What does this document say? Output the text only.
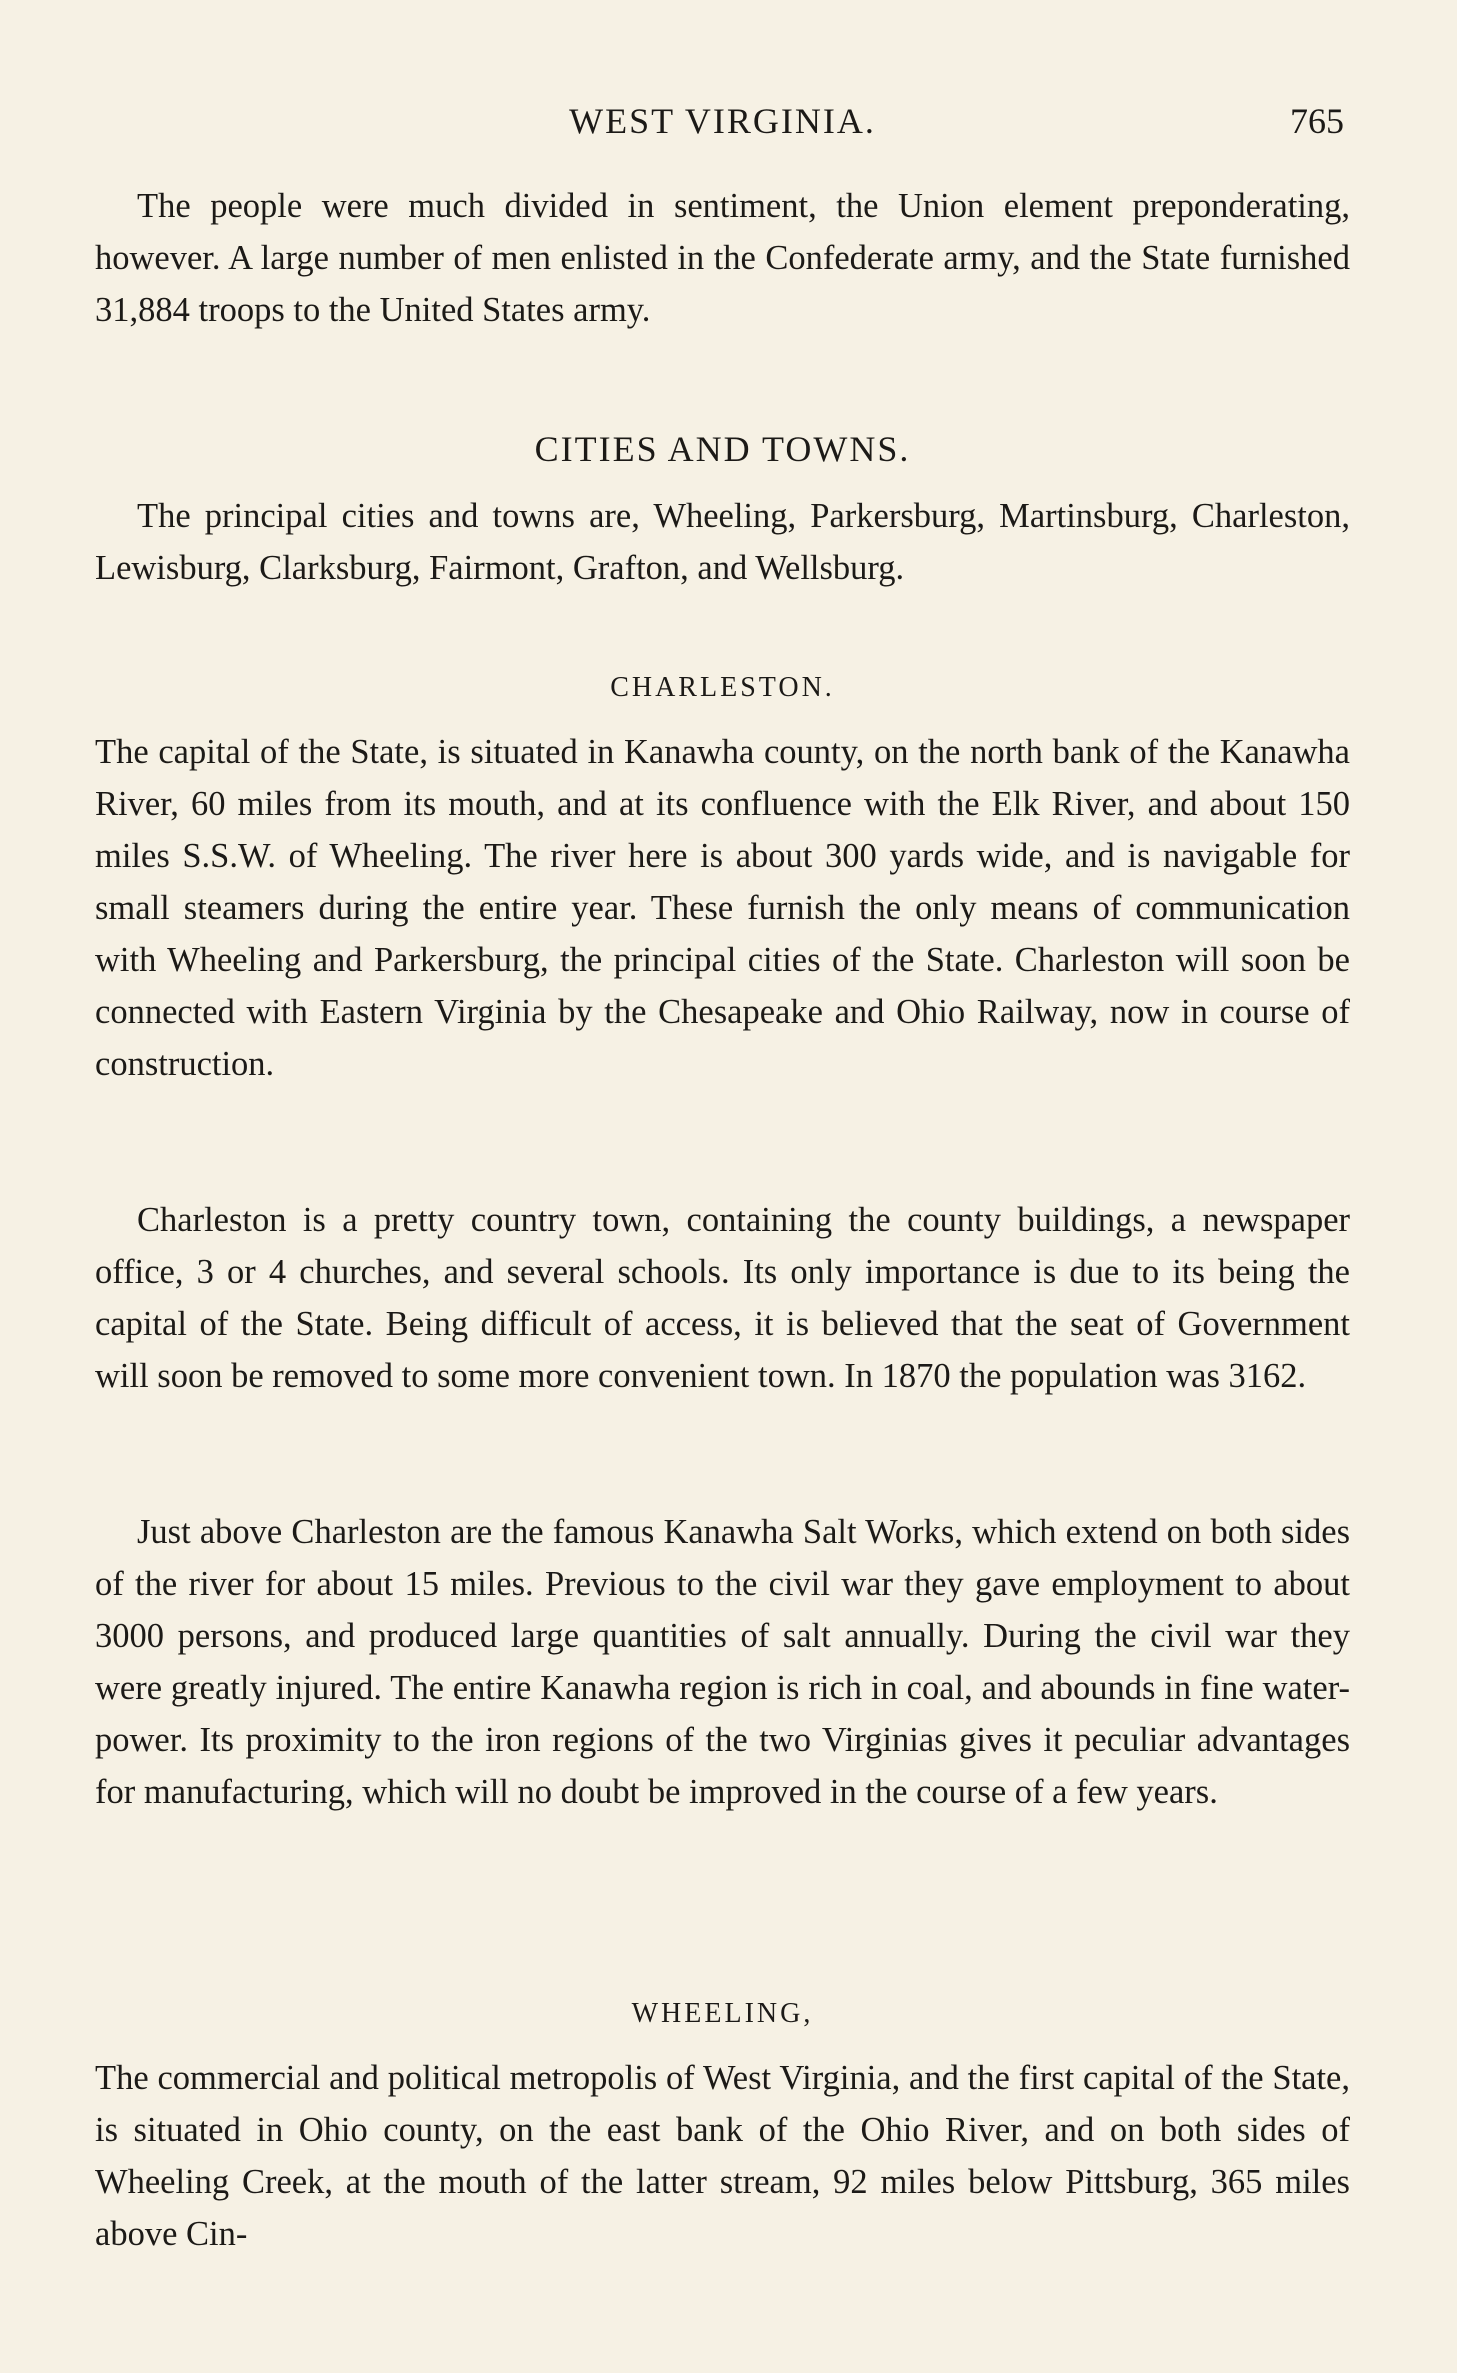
WEST VIRGINIA.	765

The people were much divided in sentiment, the Union element preponderating, however. A large number of men enlisted in the Confederate army, and the State furnished 31,884 troops to the United States army.

CITIES AND TOWNS.

The principal cities and towns are, Wheeling, Parkersburg, Martinsburg, Charleston, Lewisburg, Clarksburg, Fairmont, Grafton, and Wellsburg.

CHARLESTON.

The capital of the State, is situated in Kanawha county, on the north bank of the Kanawha River, 60 miles from its mouth, and at its confluence with the Elk River, and about 150 miles S.S.W. of Wheeling. The river here is about 300 yards wide, and is navigable for small steamers during the entire year. These furnish the only means of communication with Wheeling and Parkersburg, the principal cities of the State. Charleston will soon be connected with Eastern Virginia by the Chesapeake and Ohio Railway, now in course of construction.

Charleston is a pretty country town, containing the county buildings, a newspaper office, 3 or 4 churches, and several schools. Its only importance is due to its being the capital of the State. Being difficult of access, it is believed that the seat of Government will soon be removed to some more convenient town. In 1870 the population was 3162.

Just above Charleston are the famous Kanawha Salt Works, which extend on both sides of the river for about 15 miles. Previous to the civil war they gave employment to about 3000 persons, and produced large quantities of salt annually. During the civil war they were greatly injured. The entire Kanawha region is rich in coal, and abounds in fine water-power. Its proximity to the iron regions of the two Virginias gives it peculiar advantages for manufacturing, which will no doubt be improved in the course of a few years.

WHEELING,

The commercial and political metropolis of West Virginia, and the first capital of the State, is situated in Ohio county, on the east bank of the Ohio River, and on both sides of Wheeling Creek, at the mouth of the latter stream, 92 miles below Pittsburg, 365 miles above Cin-
